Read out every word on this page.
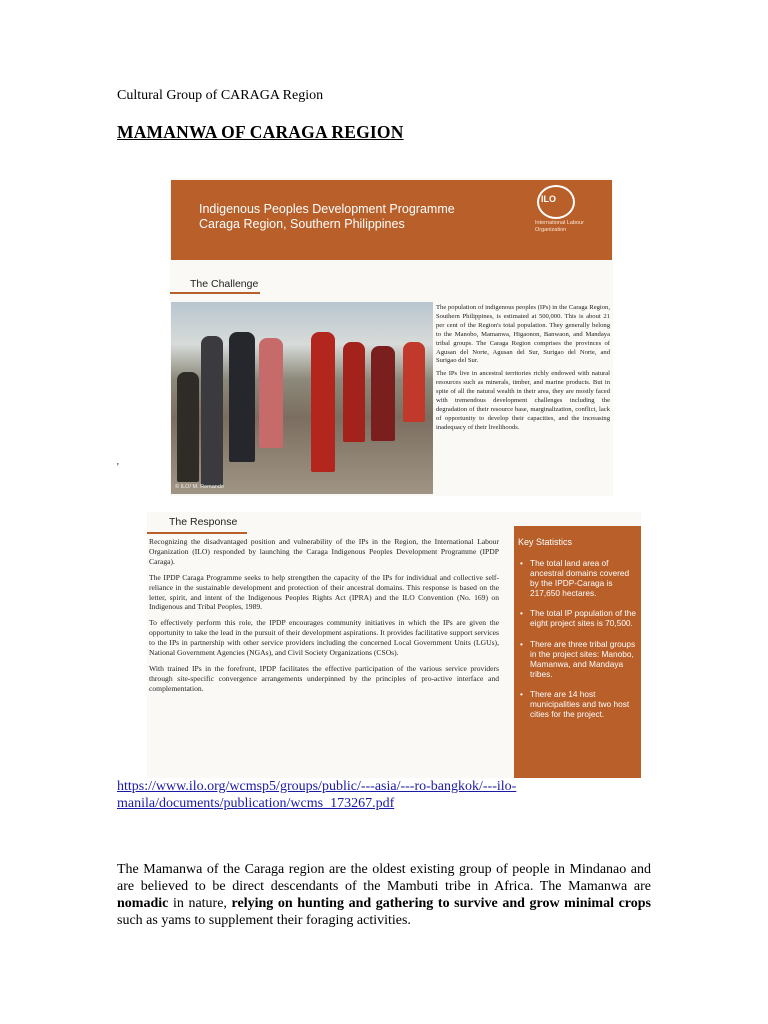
Cultural Group of CARAGA Region
MAMANWA OF CARAGA REGION
Indigenous Peoples Development Programme
Caraga Region, Southern Philippines
ILO
International Labour Organization
The Challenge
© ILO/ M. Remando

The population of indigenous peoples (IPs) in the Caraga Region, Southern Philippines, is estimated at 500,000. This is about 21 per cent of the Region's total population. They generally belong to the Manobo, Mamanwa, Higaonon, Banwaon, and Mandaya tribal groups. The Caraga Region comprises the provinces of Agusan del Norte, Agusan del Sur, Surigao del Norte, and Surigao del Sur.

The IPs live in ancestral territories richly endowed with natural resources such as minerals, timber, and marine products. But in spite of all the natural wealth in their area, they are mostly faced with tremendous development challenges including the degradation of their resource base, marginalization, conflict, lack of opportunity to develop their capacities, and the increasing inadequacy of their livelihoods.

'
The Response

Recognizing the disadvantaged position and vulnerability of the IPs in the Region, the International Labour Organization (ILO) responded by launching the Caraga Indigenous Peoples Development Programme (IPDP Caraga).

The IPDP Caraga Programme seeks to help strengthen the capacity of the IPs for individual and collective self-reliance in the sustainable development and protection of their ancestral domains. This response is based on the letter, spirit, and intent of the Indigenous Peoples Rights Act (IPRA) and the ILO Convention (No. 169) on Indigenous and Tribal Peoples, 1989.

To effectively perform this role, the IPDP encourages community initiatives in which the IPs are given the opportunity to take the lead in the pursuit of their development aspirations. It provides facilitative support services to the IPs in partnership with other service providers including the concerned Local Government Units (LGUs), National Government Agencies (NGAs), and Civil Society Organizations (CSOs).

With trained IPs in the forefront, IPDP facilitates the effective participation of the various service providers through site-specific convergence arrangements underpinned by the principles of pro-active interface and complementation.

Key Statistics
• The total land area of ancestral domains covered by the IPDP-Caraga is 217,650 hectares.
• The total IP population of the eight project sites is 70,500.
• There are three tribal groups in the project sites: Manobo, Mamanwa, and Mandaya tribes.
• There are 14 host municipalities and two host cities for the project.
https://www.ilo.org/wcmsp5/groups/public/---asia/---ro-bangkok/---ilo-
manila/documents/publication/wcms_173267.pdf
The Mamanwa of the Caraga region are the oldest existing group of people in Mindanao and are believed to be direct descendants of the Mambuti tribe in Africa. The Mamanwa are nomadic in nature, relying on hunting and gathering to survive and grow minimal crops such as yams to supplement their foraging activities.
